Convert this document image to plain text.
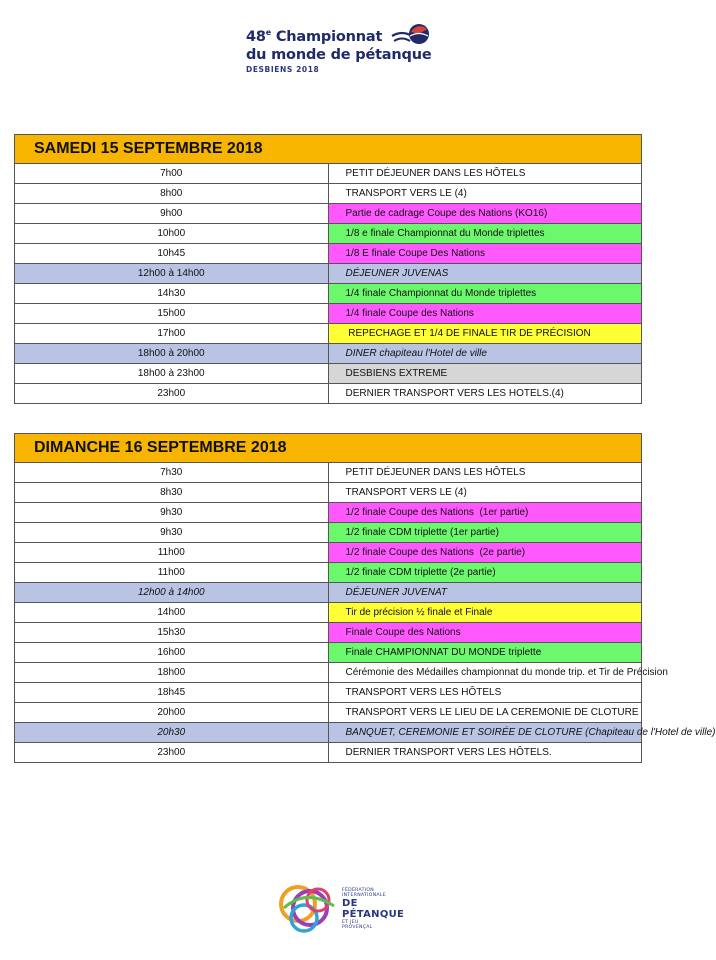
48e Championnat
du monde de pétanque
DESBIENS 2018
SAMEDI 15 SEPTEMBRE 2018	
7h00	PETIT DÉJEUNER DANS LES HÔTELS
8h00	TRANSPORT VERS LE (4)
9h00	Partie de cadrage Coupe des Nations (KO16)
10h00	1/8 e finale Championnat du Monde triplettes
10h45	1/8 E finale Coupe Des Nations
12h00 à 14h00	DÉJEUNER JUVENAS
14h30	1/4 finale Championnat du Monde triplettes
15h00	1/4 finale Coupe des Nations
17h00	REPECHAGE ET 1/4 DE FINALE TIR DE PRÉCISION
18h00 à 20h00	DINER chapiteau l'Hotel de ville
18h00 à 23h00	DESBIENS EXTREME
23h00	DERNIER TRANSPORT VERS LES HOTELS.(4)
DIMANCHE 16 SEPTEMBRE 2018	
7h30	PETIT DÉJEUNER DANS LES HÔTELS
8h30	TRANSPORT VERS LE (4)
9h30	1/2 finale Coupe des Nations  (1er partie)
9h30	1/2 finale CDM triplette (1er partie)
11h00	1/2 finale Coupe des Nations  (2e partie)
11h00	1/2 finale CDM triplette (2e partie)
12h00 à 14h00	DÉJEUNER JUVENAT
14h00	Tir de précision ½ finale et Finale
15h30	Finale Coupe des Nations
16h00	Finale CHAMPIONNAT DU MONDE triplette
18h00	Cérémonie des Médailles championnat du monde trip. et Tir de Précision
18h45	TRANSPORT VERS LES HÔTELS
20h00	TRANSPORT VERS LE LIEU DE LA CEREMONIE DE CLOTURE
20h30	BANQUET, CEREMONIE ET SOIRÉE DE CLOTURE (Chapiteau de l'Hotel de ville)
23h00	DERNIER TRANSPORT VERS LES HÔTELS.
FÉDÉRATION
INTERNATIONALE
DE PÉTANQUE
ET JEU
PROVENÇAL
